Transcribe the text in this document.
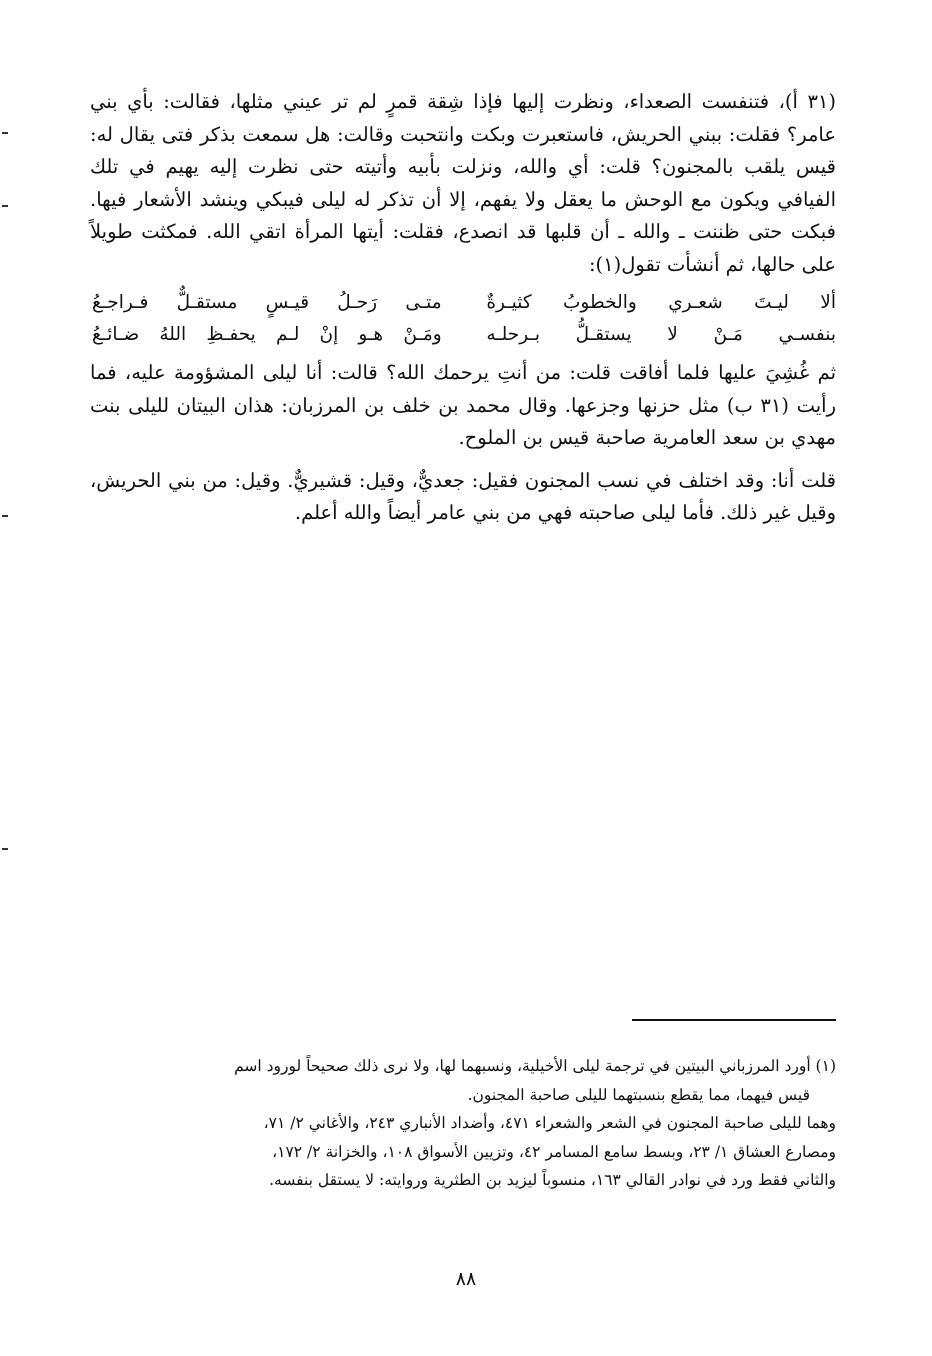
(٣١ أ)، فتنفست الصعداء، ونظرت إليها فإذا شِقة قمرٍ لم تر عيني مثلها، فقالت: بأي بني عامر؟ فقلت: ببني الحريش، فاستعبرت وبكت وانتحبت وقالت: هل سمعت بذكر فتى يقال له: قيس يلقب بالمجنون؟ قلت: أي والله، ونزلت بأبيه وأتيته حتى نظرت إليه يهيم في تلك الفيافي ويكون مع الوحش ما يعقل ولا يفهم، إلا أن تذكر له ليلى فيبكي وينشد الأشعار فيها. فبكت حتى ظننت ـ والله ـ أن قلبها قد انصدع، فقلت: أيتها المرأة اتقي الله. فمكثت طويلاً على حالها، ثم أنشأت تقول(١):

ألا ليـتَ شعـري والخطوبُ كثيـرةٌ
متـى رَحـلُ قيـسٍ مستقـلٌّ فـراجـعُ
بنفسـي مَـنْ لا يستقـلُّ بـرحلـه
ومَـنْ هـو إنْ لـم يحفـظِ اللهُ ضـائـعُ

ثم غُشِيَ عليها فلما أفاقت قلت: من أنتِ يرحمك الله؟ قالت: أنا ليلى المشؤومة عليه، فما رأيت (٣١ ب) مثل حزنها وجزعها. وقال محمد بن خلف بن المرزبان: هذان البيتان لليلى بنت مهدي بن سعد العامرية صاحبة قيس بن الملوح.

قلت أنا: وقد اختلف في نسب المجنون فقيل: جعديٌّ، وقيل: قشيريٌّ. وقيل: من بني الحريش، وقيل غير ذلك. فأما ليلى صاحبته فهي من بني عامر أيضاً والله أعلم.

(١) أورد المرزباني البيتين في ترجمة ليلى الأخيلية، ونسبهما لها، ولا نرى ذلك صحيحاً لورود اسم

قيس فيهما، مما يقطع بنسبتهما لليلى صاحبة المجنون.

وهما لليلى صاحبة المجنون في الشعر والشعراء ٤٧١، وأضداد الأنباري ٢٤٣، والأغاني ٢/ ٧١،

ومصارع العشاق ١/ ٢٣، وبسط سامع المسامر ٤٢، وتزيين الأسواق ١٠٨، والخزانة ٢/ ١٧٢،

والثاني فقط ورد في نوادر القالي ١٦٣، منسوباً ليزيد بن الطثرية وروايته: لا يستقل بنفسه.

٨٨
